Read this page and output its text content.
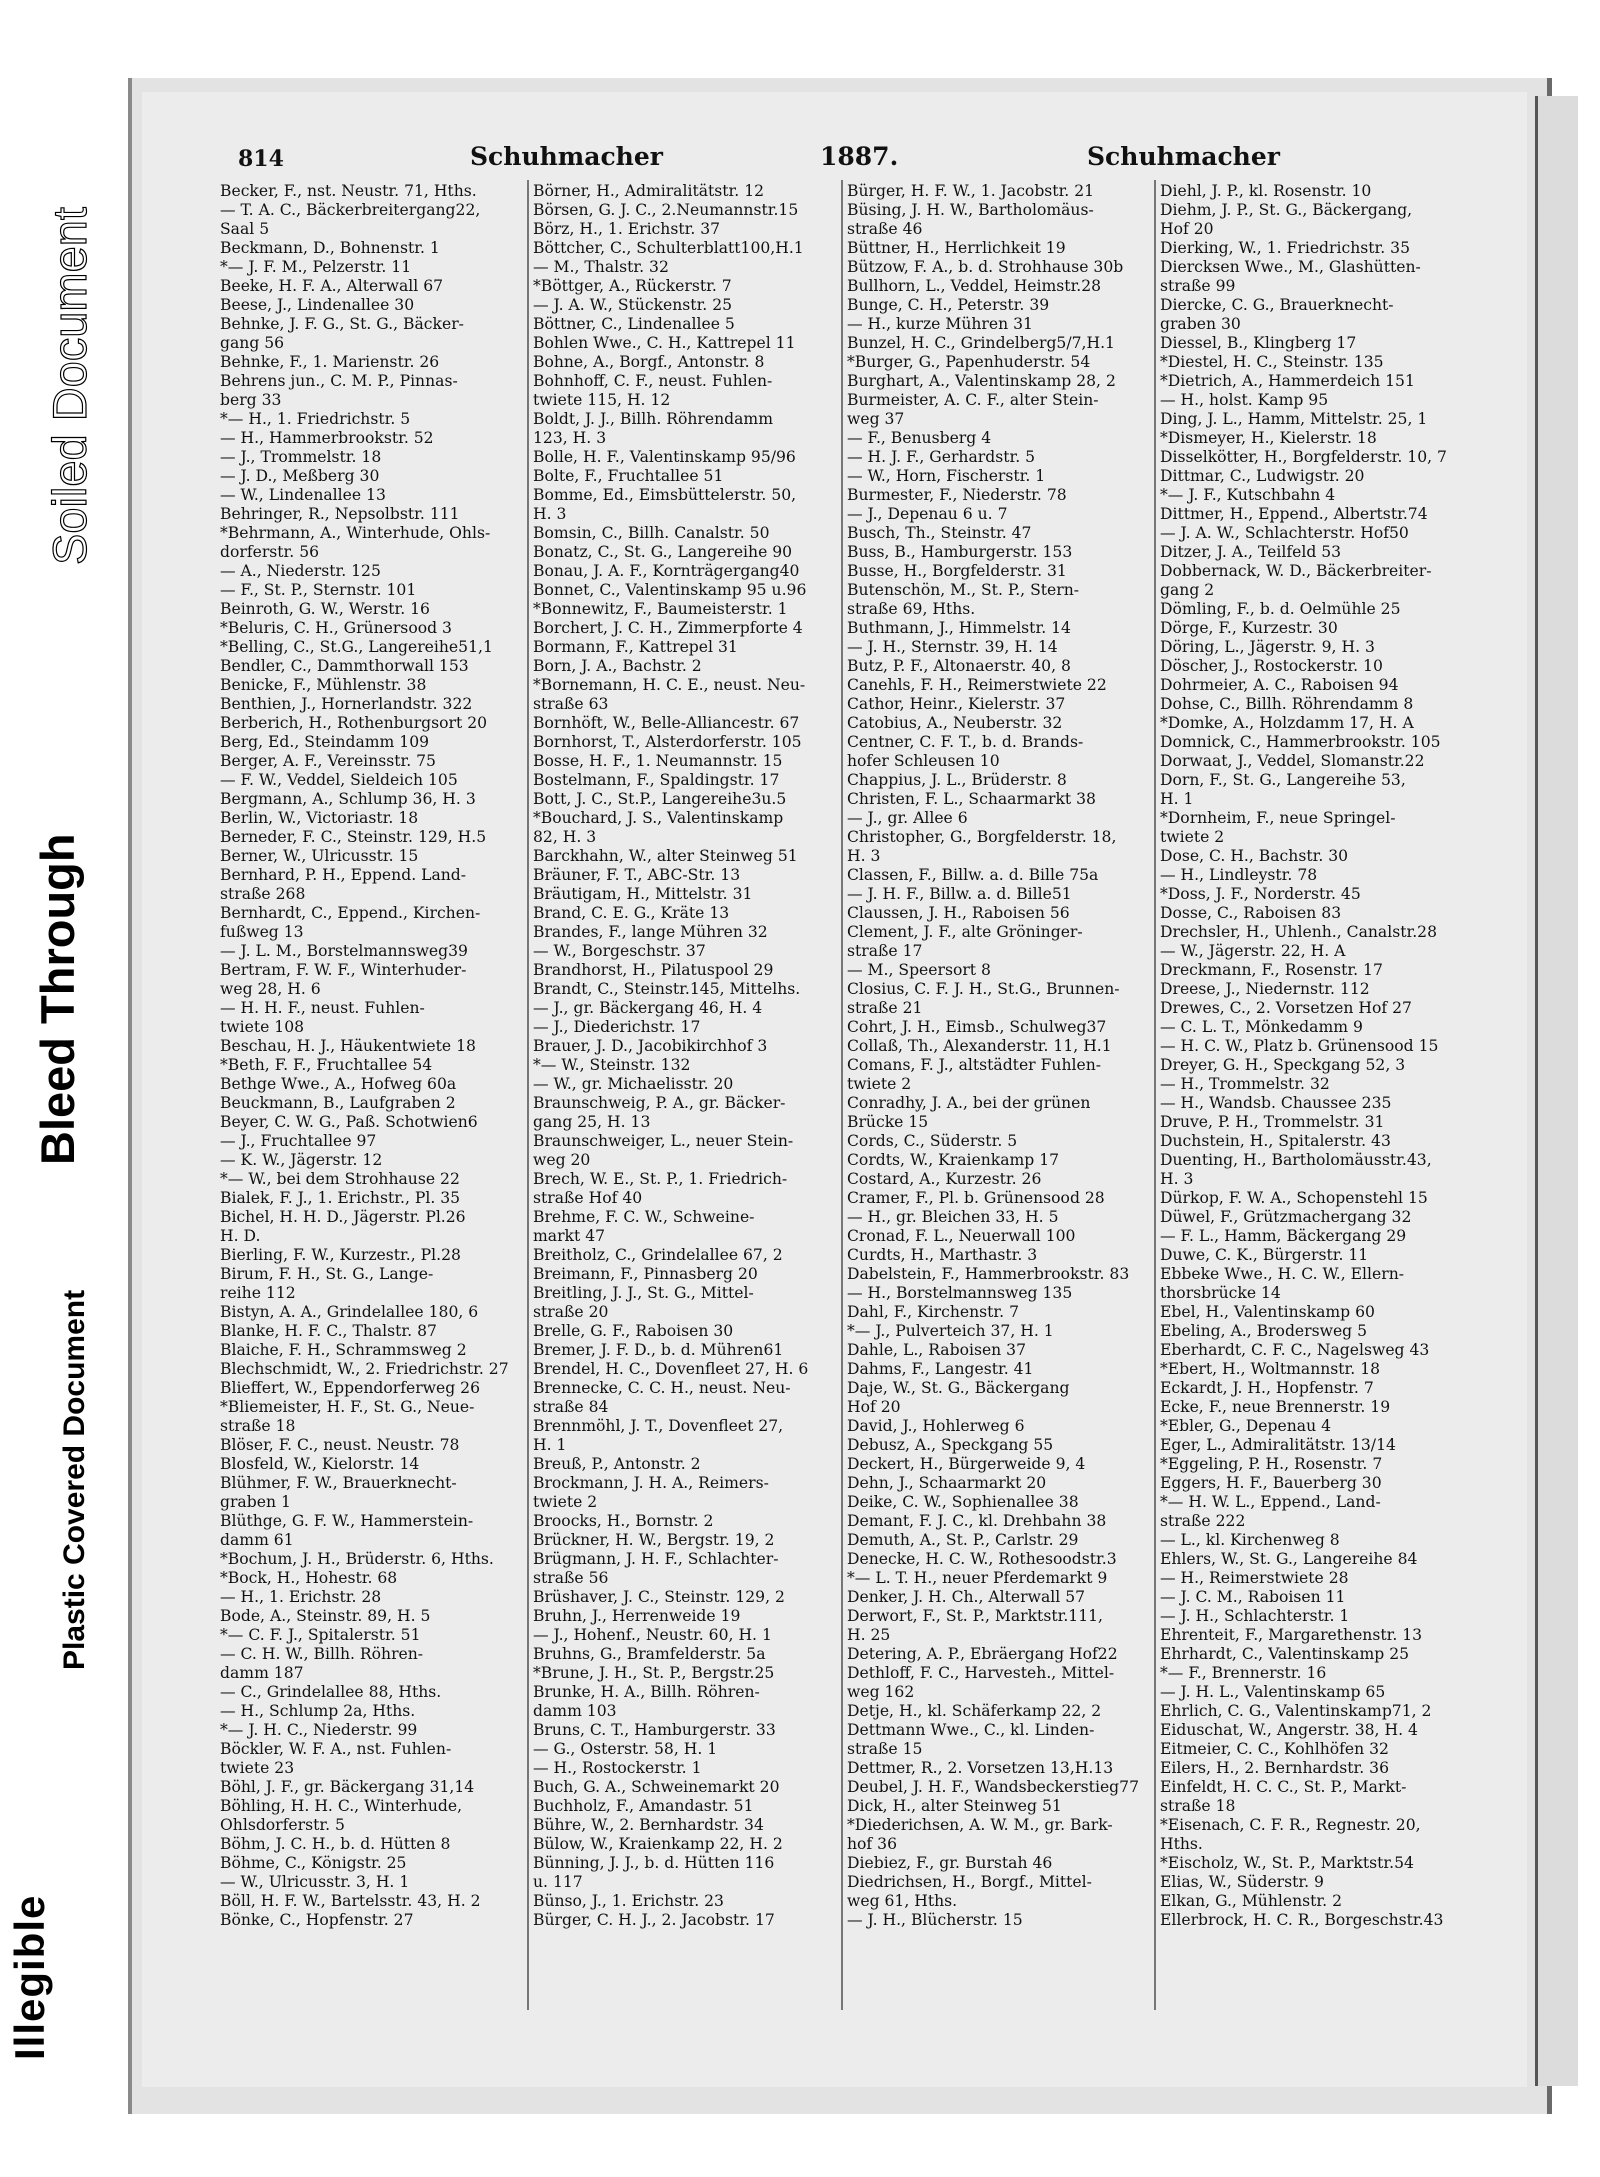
Illegible
Plastic Covered Document
Bleed Through
Soiled Document
814	Schuhmacher	1887.	Schuhmacher

Becker, F., nst. Neustr. 71, Hths.

— T. A. C., Bäckerbreitergang22,

Saal 5

Beckmann, D., Bohnenstr. 1

*— J. F. M., Pelzerstr. 11

Beeke, H. F. A., Alterwall 67

Beese, J., Lindenallee 30

Behnke, J. F. G., St. G., Bäcker-

gang 56

Behnke, F., 1. Marienstr. 26

Behrens jun., C. M. P., Pinnas-

berg 33

*— H., 1. Friedrichstr. 5

— H., Hammerbrookstr. 52

— J., Trommelstr. 18

— J. D., Meßberg 30

— W., Lindenallee 13

Behringer, R., Nepsolbstr. 111

*Behrmann, A., Winterhude, Ohls-

dorferstr. 56

— A., Niederstr. 125

— F., St. P., Sternstr. 101

Beinroth, G. W., Werstr. 16

*Beluris, C. H., Grünersood 3

*Belling, C., St.G., Langereihe51,1

Bendler, C., Dammthorwall 153

Benicke, F., Mühlenstr. 38

Benthien, J., Hornerlandstr. 322

Berberich, H., Rothenburgsort 20

Berg, Ed., Steindamm 109

Berger, A. F., Vereinsstr. 75

— F. W., Veddel, Sieldeich 105

Bergmann, A., Schlump 36, H. 3

Berlin, W., Victoriastr. 18

Berneder, F. C., Steinstr. 129, H.5

Berner, W., Ulricusstr. 15

Bernhard, P. H., Eppend. Land-

straße 268

Bernhardt, C., Eppend., Kirchen-

fußweg 13

— J. L. M., Borstelmannsweg39

Bertram, F. W. F., Winterhuder-

weg 28, H. 6

— H. H. F., neust. Fuhlen-

twiete 108

Beschau, H. J., Häukentwiete 18

*Beth, F. F., Fruchtallee 54

Bethge Wwe., A., Hofweg 60a

Beuckmann, B., Laufgraben 2

Beyer, C. W. G., Paß. Schotwien6

— J., Fruchtallee 97

— K. W., Jägerstr. 12

*— W., bei dem Strohhause 22

Bialek, F. J., 1. Erichstr., Pl. 35

Bichel, H. H. D., Jägerstr. Pl.26

H. D.

Bierling, F. W., Kurzestr., Pl.28

Birum, F. H., St. G., Lange-

reihe 112

Bistyn, A. A., Grindelallee 180, 6

Blanke, H. F. C., Thalstr. 87

Blaiche, F. H., Schrammsweg 2

Blechschmidt, W., 2. Friedrichstr. 27

Blieffert, W., Eppendorferweg 26

*Bliemeister, H. F., St. G., Neue-

straße 18

Blöser, F. C., neust. Neustr. 78

Blosfeld, W., Kielorstr. 14

Blühmer, F. W., Brauerknecht-

graben 1

Blüthge, G. F. W., Hammerstein-

damm 61

*Bochum, J. H., Brüderstr. 6, Hths.

*Bock, H., Hohestr. 68

— H., 1. Erichstr. 28

Bode, A., Steinstr. 89, H. 5

*— C. F. J., Spitalerstr. 51

— C. H. W., Billh. Röhren-

damm 187

— C., Grindelallee 88, Hths.

— H., Schlump 2a, Hths.

*— J. H. C., Niederstr. 99

Böckler, W. F. A., nst. Fuhlen-

twiete 23

Böhl, J. F., gr. Bäckergang 31,14

Böhling, H. H. C., Winterhude,

Ohlsdorferstr. 5

Böhm, J. C. H., b. d. Hütten 8

Böhme, C., Königstr. 25

— W., Ulricusstr. 3, H. 1

Böll, H. F. W., Bartelsstr. 43, H. 2

Bönke, C., Hopfenstr. 27

Börner, H., Admiralitätstr. 12

Börsen, G. J. C., 2.Neumannstr.15

Börz, H., 1. Erichstr. 37

Böttcher, C., Schulterblatt100,H.1

— M., Thalstr. 32

*Böttger, A., Rückerstr. 7

— J. A. W., Stückenstr. 25

Böttner, C., Lindenallee 5

Bohlen Wwe., C. H., Kattrepel 11

Bohne, A., Borgf., Antonstr. 8

Bohnhoff, C. F., neust. Fuhlen-

twiete 115, H. 12

Boldt, J. J., Billh. Röhrendamm

123, H. 3

Bolle, H. F., Valentinskamp 95/96

Bolte, F., Fruchtallee 51

Bomme, Ed., Eimsbüttelerstr. 50,

H. 3

Bomsin, C., Billh. Canalstr. 50

Bonatz, C., St. G., Langereihe 90

Bonau, J. A. F., Kornträgergang40

Bonnet, C., Valentinskamp 95 u.96

*Bonnewitz, F., Baumeisterstr. 1

Borchert, J. C. H., Zimmerpforte 4

Bormann, F., Kattrepel 31

Born, J. A., Bachstr. 2

*Bornemann, H. C. E., neust. Neu-

straße 63

Bornhöft, W., Belle-Alliancestr. 67

Bornhorst, T., Alsterdorferstr. 105

Bosse, H. F., 1. Neumannstr. 15

Bostelmann, F., Spaldingstr. 17

Bott, J. C., St.P., Langereihe3u.5

*Bouchard, J. S., Valentinskamp

82, H. 3

Barckhahn, W., alter Steinweg 51

Bräuner, F. T., ABC-Str. 13

Bräutigam, H., Mittelstr. 31

Brand, C. E. G., Kräte 13

Brandes, F., lange Mühren 32

— W., Borgeschstr. 37

Brandhorst, H., Pilatuspool 29

Brandt, C., Steinstr.145, Mittelhs.

— J., gr. Bäckergang 46, H. 4

— J., Diederichstr. 17

Brauer, J. D., Jacobikirchhof 3

*— W., Steinstr. 132

— W., gr. Michaelisstr. 20

Braunschweig, P. A., gr. Bäcker-

gang 25, H. 13

Braunschweiger, L., neuer Stein-

weg 20

Brech, W. E., St. P., 1. Friedrich-

straße Hof 40

Brehme, F. C. W., Schweine-

markt 47

Breitholz, C., Grindelallee 67, 2

Breimann, F., Pinnasberg 20

Breitling, J. J., St. G., Mittel-

straße 20

Brelle, G. F., Raboisen 30

Bremer, J. F. D., b. d. Mühren61

Brendel, H. C., Dovenfleet 27, H. 6

Brennecke, C. C. H., neust. Neu-

straße 84

Brennmöhl, J. T., Dovenfleet 27,

H. 1

Breuß, P., Antonstr. 2

Brockmann, J. H. A., Reimers-

twiete 2

Broocks, H., Bornstr. 2

Brückner, H. W., Bergstr. 19, 2

Brügmann, J. H. F., Schlachter-

straße 56

Brüshaver, J. C., Steinstr. 129, 2

Bruhn, J., Herrenweide 19

— J., Hohenf., Neustr. 60, H. 1

Bruhns, G., Bramfelderstr. 5a

*Brune, J. H., St. P., Bergstr.25

Brunke, H. A., Billh. Röhren-

damm 103

Bruns, C. T., Hamburgerstr. 33

— G., Osterstr. 58, H. 1

— H., Rostockerstr. 1

Buch, G. A., Schweinemarkt 20

Buchholz, F., Amandastr. 51

Bühre, W., 2. Bernhardstr. 34

Bülow, W., Kraienkamp 22, H. 2

Bünning, J. J., b. d. Hütten 116

u. 117

Bünso, J., 1. Erichstr. 23

Bürger, C. H. J., 2. Jacobstr. 17

Bürger, H. F. W., 1. Jacobstr. 21

Büsing, J. H. W., Bartholomäus-

straße 46

Büttner, H., Herrlichkeit 19

Bützow, F. A., b. d. Strohhause 30b

Bullhorn, L., Veddel, Heimstr.28

Bunge, C. H., Peterstr. 39

— H., kurze Mühren 31

Bunzel, H. C., Grindelberg5/7,H.1

*Burger, G., Papenhuderstr. 54

Burghart, A., Valentinskamp 28, 2

Burmeister, A. C. F., alter Stein-

weg 37

— F., Benusberg 4

— H. J. F., Gerhardstr. 5

— W., Horn, Fischerstr. 1

Burmester, F., Niederstr. 78

— J., Depenau 6 u. 7

Busch, Th., Steinstr. 47

Buss, B., Hamburgerstr. 153

Busse, H., Borgfelderstr. 31

Butenschön, M., St. P., Stern-

straße 69, Hths.

Buthmann, J., Himmelstr. 14

— J. H., Sternstr. 39, H. 14

Butz, P. F., Altonaerstr. 40, 8

Canehls, F. H., Reimerstwiete 22

Cathor, Heinr., Kielerstr. 37

Catobius, A., Neuberstr. 32

Centner, C. F. T., b. d. Brands-

hofer Schleusen 10

Chappius, J. L., Brüderstr. 8

Christen, F. L., Schaarmarkt 38

— J., gr. Allee 6

Christopher, G., Borgfelderstr. 18,

H. 3

Classen, F., Billw. a. d. Bille 75a

— J. H. F., Billw. a. d. Bille51

Claussen, J. H., Raboisen 56

Clement, J. F., alte Gröninger-

straße 17

— M., Speersort 8

Closius, C. F. J. H., St.G., Brunnen-

straße 21

Cohrt, J. H., Eimsb., Schulweg37

Collaß, Th., Alexanderstr. 11, H.1

Comans, F. J., altstädter Fuhlen-

twiete 2

Conradhy, J. A., bei der grünen

Brücke 15

Cords, C., Süderstr. 5

Cordts, W., Kraienkamp 17

Costard, A., Kurzestr. 26

Cramer, F., Pl. b. Grünensood 28

— H., gr. Bleichen 33, H. 5

Cronad, F. L., Neuerwall 100

Curdts, H., Marthastr. 3

Dabelstein, F., Hammerbrookstr. 83

— H., Borstelmannsweg 135

Dahl, F., Kirchenstr. 7

*— J., Pulverteich 37, H. 1

Dahle, L., Raboisen 37

Dahms, F., Langestr. 41

Daje, W., St. G., Bäckergang

Hof 20

David, J., Hohlerweg 6

Debusz, A., Speckgang 55

Deckert, H., Bürgerweide 9, 4

Dehn, J., Schaarmarkt 20

Deike, C. W., Sophienallee 38

Demant, F. J. C., kl. Drehbahn 38

Demuth, A., St. P., Carlstr. 29

Denecke, H. C. W., Rothesoodstr.3

*— L. T. H., neuer Pferdemarkt 9

Denker, J. H. Ch., Alterwall 57

Derwort, F., St. P., Marktstr.111,

H. 25

Detering, A. P., Ebräergang Hof22

Dethloff, F. C., Harvesteh., Mittel-

weg 162

Detje, H., kl. Schäferkamp 22, 2

Dettmann Wwe., C., kl. Linden-

straße 15

Dettmer, R., 2. Vorsetzen 13,H.13

Deubel, J. H. F., Wandsbeckerstieg77

Dick, H., alter Steinweg 51

*Diederichsen, A. W. M., gr. Bark-

hof 36

Diebiez, F., gr. Burstah 46

Diedrichsen, H., Borgf., Mittel-

weg 61, Hths.

— J. H., Blücherstr. 15

Diehl, J. P., kl. Rosenstr. 10

Diehm, J. P., St. G., Bäckergang,

Hof 20

Dierking, W., 1. Friedrichstr. 35

Diercksen Wwe., M., Glashütten-

straße 99

Diercke, C. G., Brauerknecht-

graben 30

Diessel, B., Klingberg 17

*Diestel, H. C., Steinstr. 135

*Dietrich, A., Hammerdeich 151

— H., holst. Kamp 95

Ding, J. L., Hamm, Mittelstr. 25, 1

*Dismeyer, H., Kielerstr. 18

Disselkötter, H., Borgfelderstr. 10, 7

Dittmar, C., Ludwigstr. 20

*— J. F., Kutschbahn 4

Dittmer, H., Eppend., Albertstr.74

— J. A. W., Schlachterstr. Hof50

Ditzer, J. A., Teilfeld 53

Dobbernack, W. D., Bäckerbreiter-

gang 2

Dömling, F., b. d. Oelmühle 25

Dörge, F., Kurzestr. 30

Döring, L., Jägerstr. 9, H. 3

Döscher, J., Rostockerstr. 10

Dohrmeier, A. C., Raboisen 94

Dohse, C., Billh. Röhrendamm 8

*Domke, A., Holzdamm 17, H. A

Domnick, C., Hammerbrookstr. 105

Dorwaat, J., Veddel, Slomanstr.22

Dorn, F., St. G., Langereihe 53,

H. 1

*Dornheim, F., neue Springel-

twiete 2

Dose, C. H., Bachstr. 30

— H., Lindleystr. 78

*Doss, J. F., Norderstr. 45

Dosse, C., Raboisen 83

Drechsler, H., Uhlenh., Canalstr.28

— W., Jägerstr. 22, H. A

Dreckmann, F., Rosenstr. 17

Dreese, J., Niedernstr. 112

Drewes, C., 2. Vorsetzen Hof 27

— C. L. T., Mönkedamm 9

— H. C. W., Platz b. Grünensood 15

Dreyer, G. H., Speckgang 52, 3

— H., Trommelstr. 32

— H., Wandsb. Chaussee 235

Druve, P. H., Trommelstr. 31

Duchstein, H., Spitalerstr. 43

Duenting, H., Bartholomäusstr.43,

H. 3

Dürkop, F. W. A., Schopenstehl 15

Düwel, F., Grützmachergang 32

— F. L., Hamm, Bäckergang 29

Duwe, C. K., Bürgerstr. 11

Ebbeke Wwe., H. C. W., Ellern-

thorsbrücke 14

Ebel, H., Valentinskamp 60

Ebeling, A., Brodersweg 5

Eberhardt, C. F. C., Nagelsweg 43

*Ebert, H., Woltmannstr. 18

Eckardt, J. H., Hopfenstr. 7

Ecke, F., neue Brennerstr. 19

*Ebler, G., Depenau 4

Eger, L., Admiralitätstr. 13/14

*Eggeling, P. H., Rosenstr. 7

Eggers, H. F., Bauerberg 30

*— H. W. L., Eppend., Land-

straße 222

— L., kl. Kirchenweg 8

Ehlers, W., St. G., Langereihe 84

— H., Reimerstwiete 28

— J. C. M., Raboisen 11

— J. H., Schlachterstr. 1

Ehrenteit, F., Margarethenstr. 13

Ehrhardt, C., Valentinskamp 25

*— F., Brennerstr. 16

— J. H. L., Valentinskamp 65

Ehrlich, C. G., Valentinskamp71, 2

Eiduschat, W., Angerstr. 38, H. 4

Eitmeier, C. C., Kohlhöfen 32

Eilers, H., 2. Bernhardstr. 36

Einfeldt, H. C. C., St. P., Markt-

straße 18

*Eisenach, C. F. R., Regnestr. 20,

Hths.

*Eischolz, W., St. P., Marktstr.54

Elias, W., Süderstr. 9

Elkan, G., Mühlenstr. 2

Ellerbrock, H. C. R., Borgeschstr.43
